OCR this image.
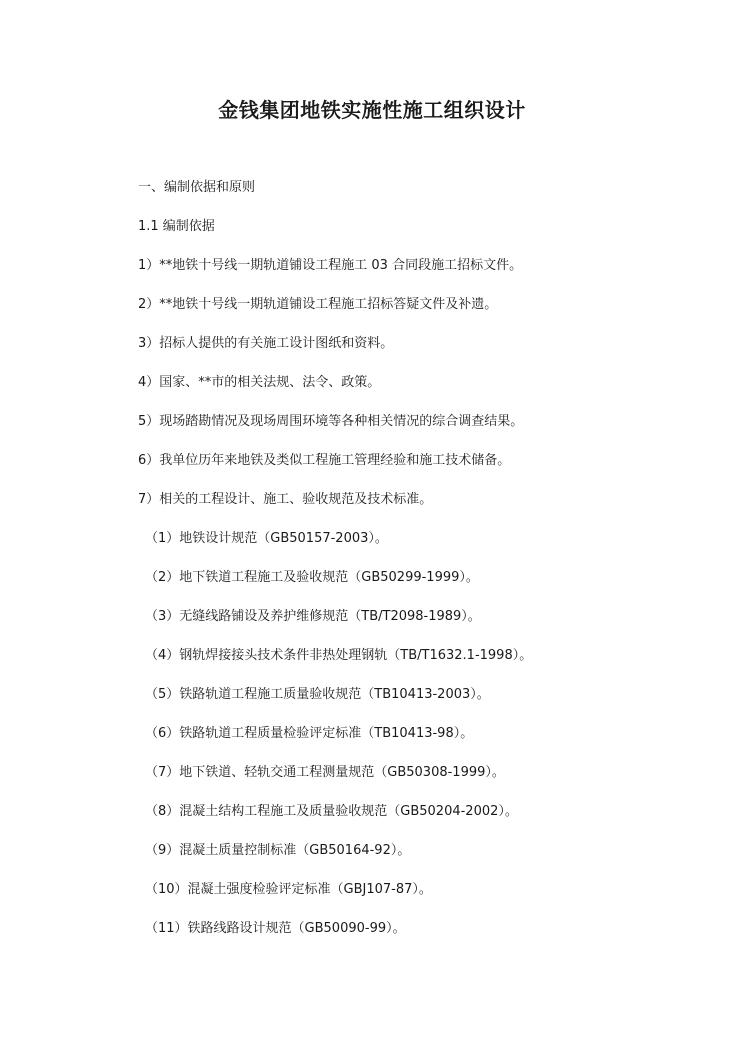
金钱集团地铁实施性施工组织设计
一、编制依据和原则
1.1 编制依据
1）**地铁十号线一期轨道铺设工程施工 03 合同段施工招标文件。
2）**地铁十号线一期轨道铺设工程施工招标答疑文件及补遗。
3）招标人提供的有关施工设计图纸和资料。
4）国家、**市的相关法规、法令、政策。
5）现场踏勘情况及现场周围环境等各种相关情况的综合调查结果。
6）我单位历年来地铁及类似工程施工管理经验和施工技术储备。
7）相关的工程设计、施工、验收规范及技术标准。
（1）地铁设计规范（GB50157-2003）。
（2）地下铁道工程施工及验收规范（GB50299-1999）。
（3）无缝线路铺设及养护维修规范（TB/T2098-1989）。
（4）钢轨焊接接头技术条件非热处理钢轨（TB/T1632.1-1998）。
（5）铁路轨道工程施工质量验收规范（TB10413-2003）。
（6）铁路轨道工程质量检验评定标准（TB10413-98）。
（7）地下铁道、轻轨交通工程测量规范（GB50308-1999）。
（8）混凝土结构工程施工及质量验收规范（GB50204-2002）。
（9）混凝土质量控制标准（GB50164-92）。
（10）混凝土强度检验评定标准（GBJ107-87）。
（11）铁路线路设计规范（GB50090-99）。
